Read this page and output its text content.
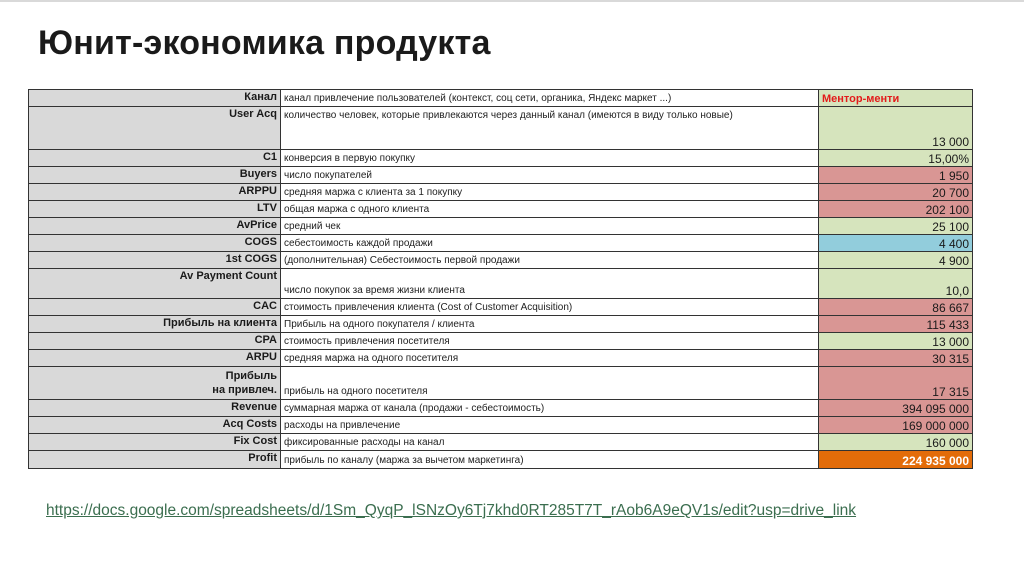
Юнит-экономика продукта
Канал	канал привлечение пользователей (контекст, соц сети, органика, Яндекс маркет ...)	Ментор-менти
User Acq	количество человек, которые привлекаются через данный канал (имеются в виду только новые)	13 000
C1	конверсия в первую покупку	15,00%
Buyers	число покупателей	1 950
ARPPU	средняя маржа с клиента за 1 покупку	20 700
LTV	общая маржа с одного клиента	202 100
AvPrice	средний чек	25 100
COGS	себестоимость каждой продажи	4 400
1st COGS	(дополнительная) Себестоимость первой продажи	4 900
Av Payment Count	число покупок за время жизни клиента	10,0
CAC	стоимость привлечения клиента (Cost of Customer Acquisition)	86 667
Прибыль на клиента	Прибыль на одного покупателя / клиента	115 433
CPA	стоимость привлечения посетителя	13 000
ARPU	средняя маржа на одного посетителя	30 315

Прибыль
на привлеч.	прибыль на одного посетителя	17 315
Revenue	суммарная маржа от канала (продажи - себестоимость)	394 095 000
Acq Costs	расходы на привлечение	169 000 000
Fix Cost	фиксированные расходы на канал	160 000
Profit	прибыль по каналу (маржа за вычетом маркетинга)	224 935 000
https://docs.google.com/spreadsheets/d/1Sm_QyqP_lSNzOy6Tj7khd0RT285T7T_rAob6A9eQV1s/edit?usp=drive_link
